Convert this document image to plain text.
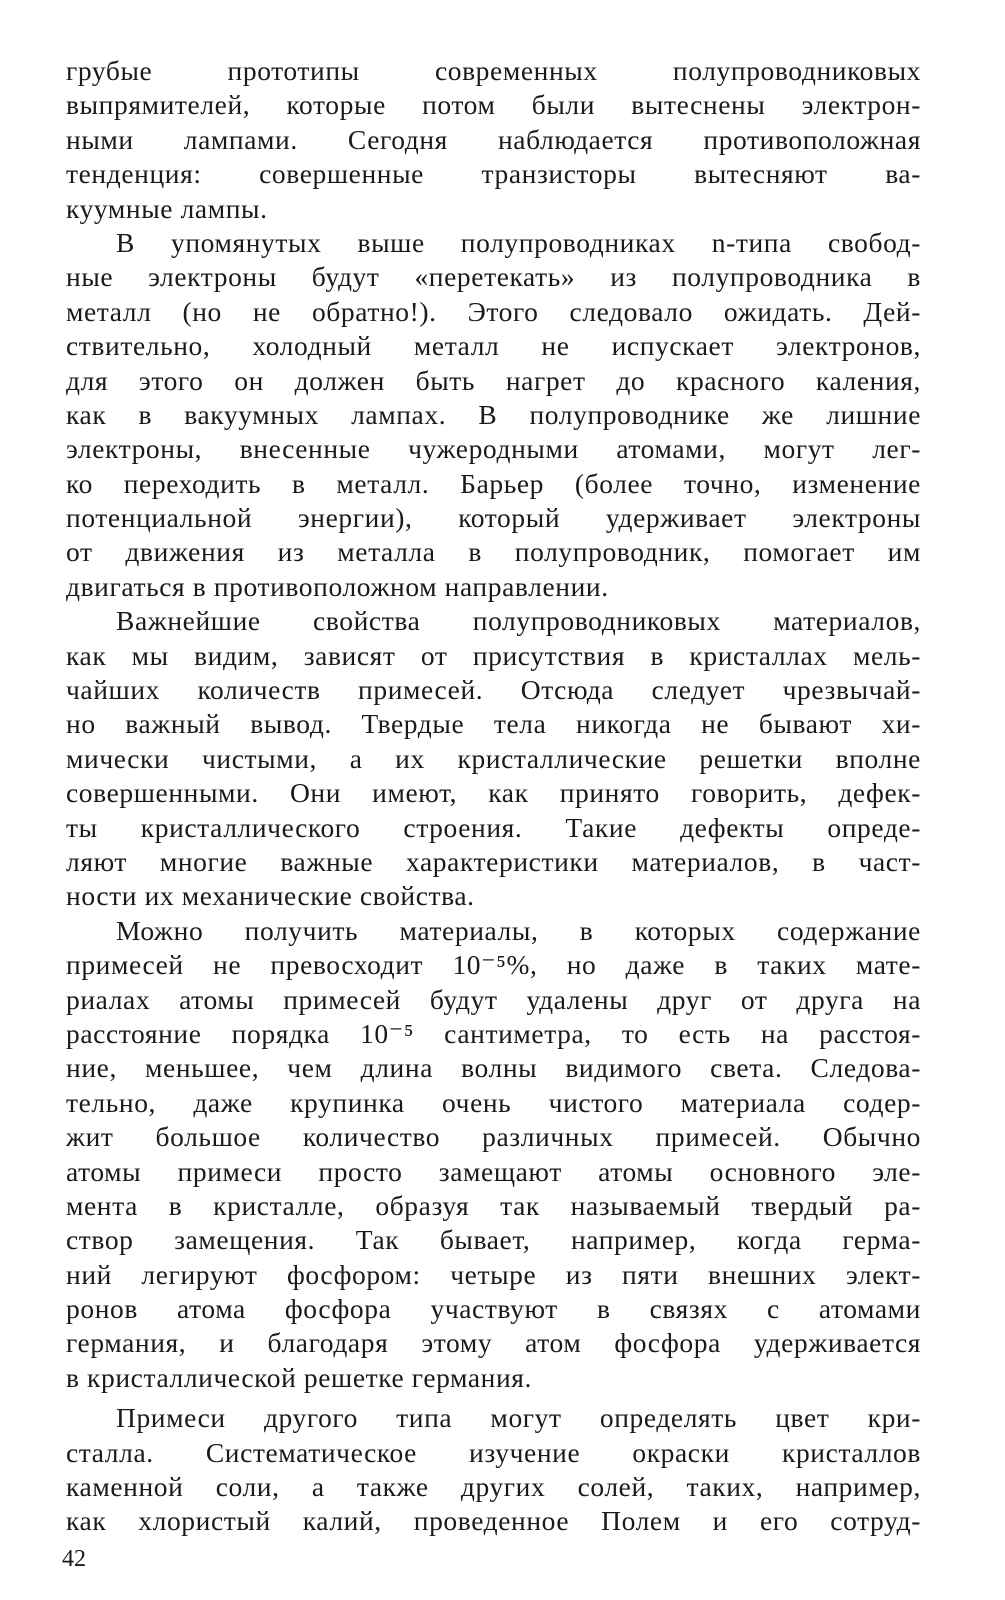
грубые прототипы современных полупроводниковых
выпрямителей, которые потом были вытеснены электрон-
ными лампами. Сегодня наблюдается противоположная
тенденция: совершенные транзисторы вытесняют ва-
куумные лампы.
В упомянутых выше полупроводниках n-типа свобод-
ные электроны будут «перетекать» из полупроводника в
металл (но не обратно!). Этого следовало ожидать. Дей-
ствительно, холодный металл не испускает электронов,
для этого он должен быть нагрет до красного каления,
как в вакуумных лампах. В полупроводнике же лишние
электроны, внесенные чужеродными атомами, могут лег-
ко переходить в металл. Барьер (более точно, изменение
потенциальной энергии), который удерживает электроны
от движения из металла в полупроводник, помогает им
двигаться в противоположном направлении.
Важнейшие свойства полупроводниковых материалов,
как мы видим, зависят от присутствия в кристаллах мель-
чайших количеств примесей. Отсюда следует чрезвычай-
но важный вывод. Твердые тела никогда не бывают хи-
мически чистыми, а их кристаллические решетки вполне
совершенными. Они имеют, как принято говорить, дефек-
ты кристаллического строения. Такие дефекты опреде-
ляют многие важные характеристики материалов, в част-
ности их механические свойства.
Можно получить материалы, в которых содержание
примесей не превосходит 10⁻⁵%, но даже в таких мате-
риалах атомы примесей будут удалены друг от друга на
расстояние порядка 10⁻⁵ сантиметра, то есть на расстоя-
ние, меньшее, чем длина волны видимого света. Следова-
тельно, даже крупинка очень чистого материала содер-
жит большое количество различных примесей. Обычно
атомы примеси просто замещают атомы основного эле-
мента в кристалле, образуя так называемый твердый ра-
створ замещения. Так бывает, например, когда герма-
ний легируют фосфором: четыре из пяти внешних элект-
ронов атома фосфора участвуют в связях с атомами
германия, и благодаря этому атом фосфора удерживается
в кристаллической решетке германия.
Примеси другого типа могут определять цвет кри-
сталла. Систематическое изучение окраски кристаллов
каменной соли, а также других солей, таких, например,
как хлористый калий, проведенное Полем и его сотруд-
42
